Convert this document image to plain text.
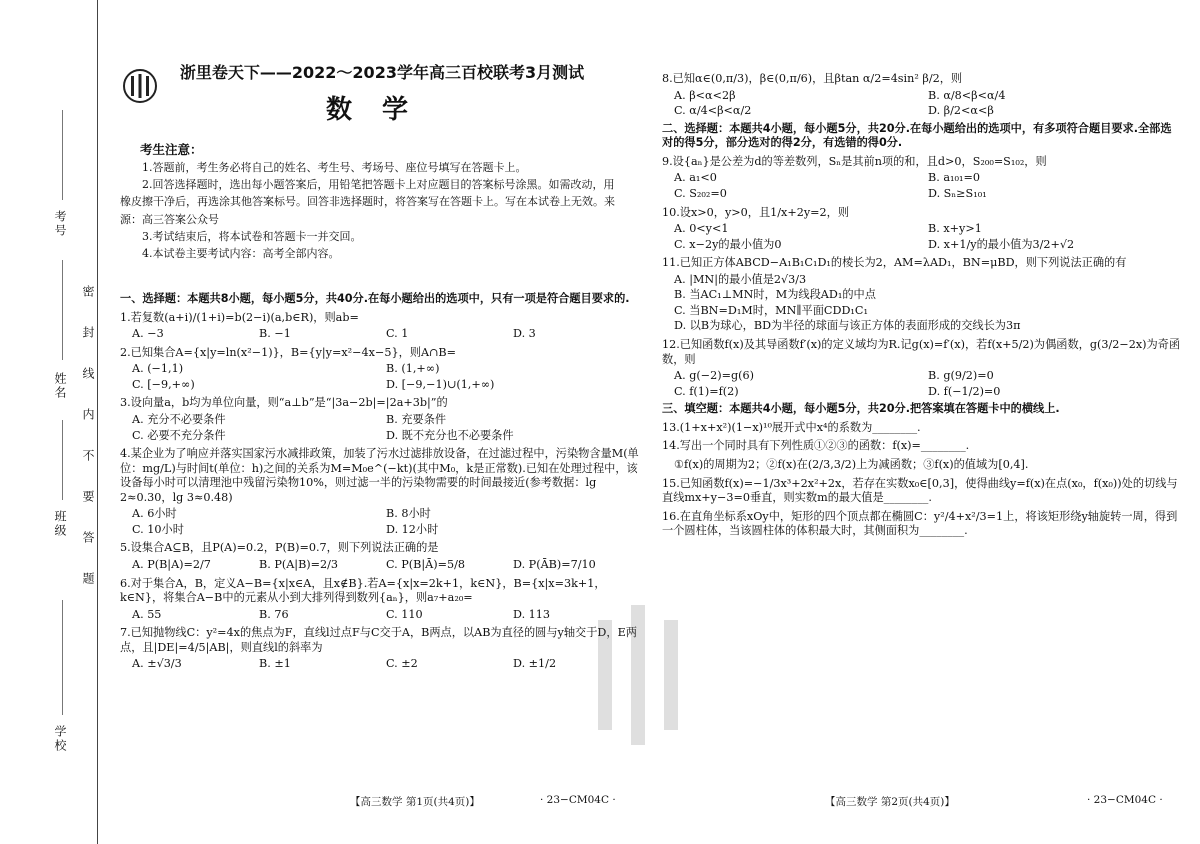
考号
姓名
班级
学校
密封线内不要答题
浙里卷天下——2022～2023学年高三百校联考3月测试
数学
考生注意：

1.答题前，考生务必将自己的姓名、考生号、考场号、座位号填写在答题卡上。

2.回答选择题时，选出每小题答案后，用铅笔把答题卡上对应题目的答案标号涂黑。如需改动，用橡皮擦干净后，再选涂其他答案标号。回答非选择题时，将答案写在答题卡上。写在本试卷上无效。来源：高三答案公众号

3.考试结束后，将本试卷和答题卡一并交回。

4.本试卷主要考试内容：高考全部内容。

一、选择题：本题共8小题，每小题5分，共40分.在每小题给出的选项中，只有一项是符合题目要求的.
1.若复数(a+i)/(1+i)=b(2−i)(a,b∈R)，则ab=
A. −3	B. −1	C. 1	D. 3
2.已知集合A={x|y=ln(x²−1)}，B={y|y=x²−4x−5}，则A∩B=
A. (−1,1)	B. (1,+∞)
C. [−9,+∞)	D. [−9,−1)∪(1,+∞)
3.设向量a，b均为单位向量，则“a⊥b”是“|3a−2b|=|2a+3b|”的
A. 充分不必要条件	B. 充要条件
C. 必要不充分条件	D. 既不充分也不必要条件
4.某企业为了响应并落实国家污水减排政策，加装了污水过滤排放设备，在过滤过程中，污染物含量M(单位：mg/L)与时间t(单位：h)之间的关系为M=M₀e^(−kt)(其中M₀，k是正常数).已知在处理过程中，该设备每小时可以清理池中残留污染物10%，则过滤一半的污染物需要的时间最接近(参考数据：lg 2≈0.30，lg 3≈0.48)
A. 6小时	B. 8小时
C. 10小时	D. 12小时
5.设集合A⊆B，且P(A)=0.2，P(B)=0.7，则下列说法正确的是
A. P(B|A)=2/7	B. P(A|B)=2/3	C. P(B|Ā)=5/8	D. P(ĀB)=7/10
6.对于集合A，B，定义A−B={x|x∈A，且x∉B}.若A={x|x=2k+1，k∈N}，B={x|x=3k+1，k∈N}，将集合A−B中的元素从小到大排列得到数列{aₙ}，则a₇+a₂₀=
A. 55	B. 76	C. 110	D. 113
7.已知抛物线C：y²=4x的焦点为F，直线l过点F与C交于A，B两点，以AB为直径的圆与y轴交于D，E两点，且|DE|=4/5|AB|，则直线l的斜率为
A. ±√3/3	B. ±1	C. ±2	D. ±1/2
8.已知α∈(0,π/3)，β∈(0,π/6)，且βtan α/2=4sin² β/2，则
A. β<α<2β	B. α/8<β<α/4
C. α/4<β<α/2	D. β/2<α<β
二、选择题：本题共4小题，每小题5分，共20分.在每小题给出的选项中，有多项符合题目要求.全部选对的得5分，部分选对的得2分，有选错的得0分.
9.设{aₙ}是公差为d的等差数列，Sₙ是其前n项的和，且d>0，S₂₀₀=S₁₀₂，则
A. a₁<0	B. a₁₀₁=0
C. S₂₀₂=0	D. Sₙ≥S₁₀₁
10.设x>0，y>0，且1/x+2y=2，则
A. 0<y<1	B. x+y>1
C. x−2y的最小值为0	D. x+1/y的最小值为3/2+√2
11.已知正方体ABCD−A₁B₁C₁D₁的棱长为2，AM=λAD₁，BN=μBD，则下列说法正确的有
A. |MN|的最小值是2√3/3
B. 当AC₁⊥MN时，M为线段AD₁的中点
C. 当BN=D₁M时，MN∥平面CDD₁C₁
D. 以B为球心，BD为半径的球面与该正方体的表面形成的交线长为3π
12.已知函数f(x)及其导函数f′(x)的定义域均为R.记g(x)=f′(x)，若f(x+5/2)为偶函数，g(3/2−2x)为奇函数，则
A. g(−2)=g(6)	B. g(9/2)=0
C. f(1)=f(2)	D. f(−1/2)=0
三、填空题：本题共4小题，每小题5分，共20分.把答案填在答题卡中的横线上.
13.(1+x+x²)(1−x)¹⁰展开式中x⁴的系数为________.
14.写出一个同时具有下列性质①②③的函数：f(x)=________.
①f(x)的周期为2；②f(x)在(2/3,3/2)上为减函数；③f(x)的值域为[0,4].
15.已知函数f(x)=−1/3x³+2x²+2x，若存在实数x₀∈[0,3]，使得曲线y=f(x)在点(x₀，f(x₀))处的切线与直线mx+y−3=0垂直，则实数m的最大值是________.
16.在直角坐标系xOy中，矩形的四个顶点都在椭圆C：y²/4+x²/3=1上，将该矩形绕y轴旋转一周，得到一个圆柱体，当该圆柱体的体积最大时，其侧面积为________.
【高三数学 第1页(共4页)】	· 23−CM04C ·	【高三数学 第2页(共4页)】	· 23−CM04C ·
